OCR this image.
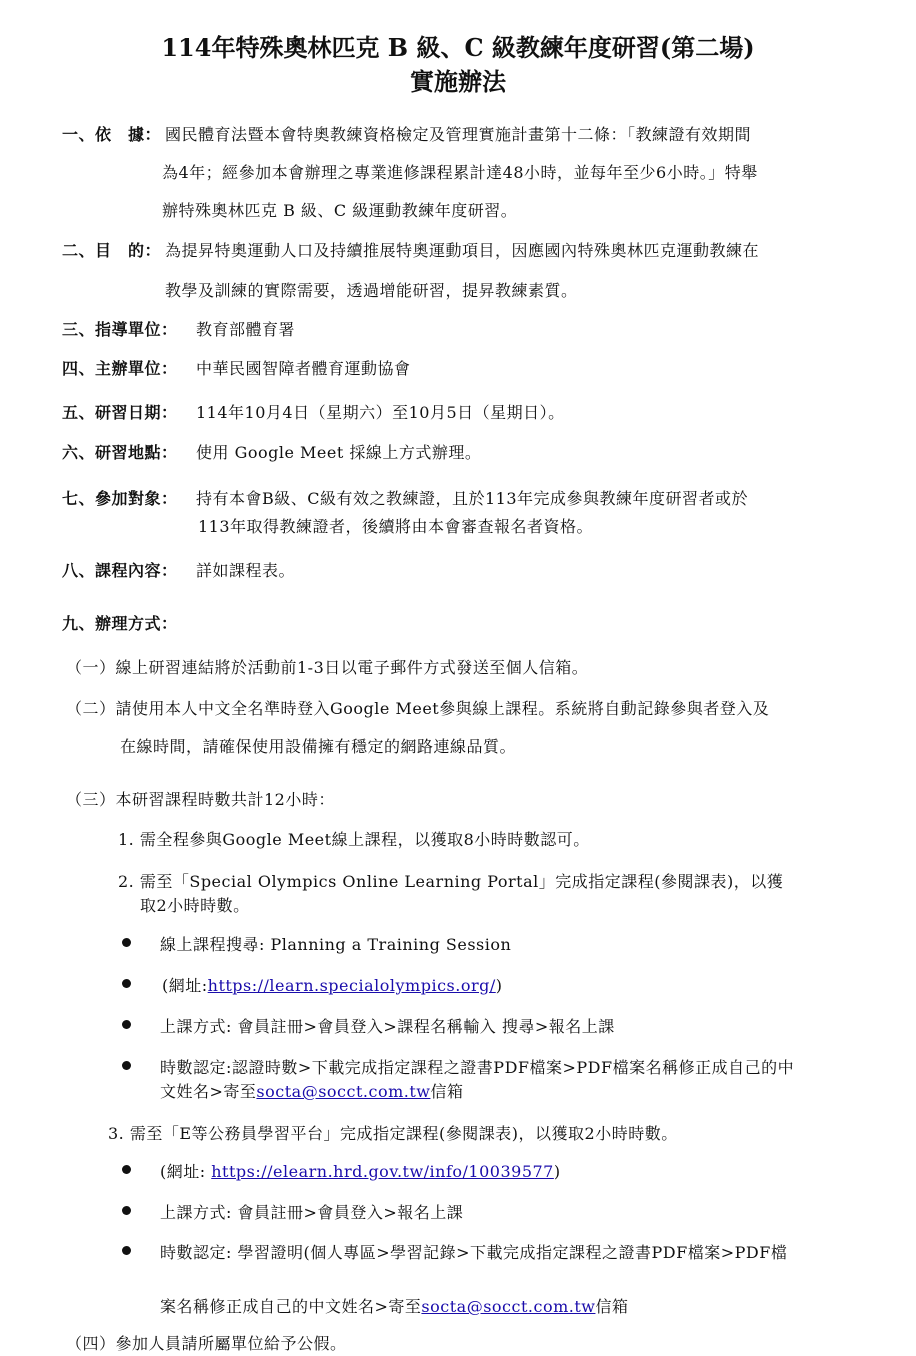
114年特殊奧林匹克 B 級、C 級教練年度研習(第二場)
實施辦法
一、依　據： 國民體育法暨本會特奧教練資格檢定及管理實施計畫第十二條：「教練證有效期間
為4年；經參加本會辦理之專業進修課程累計達48小時，並每年至少6小時。」特舉
辦特殊奧林匹克 B 級、C 級運動教練年度研習。
二、目　的： 為提昇特奧運動人口及持續推展特奧運動項目，因應國內特殊奧林匹克運動教練在
教學及訓練的實際需要，透過增能研習，提昇教練素質。
三、指導單位： 教育部體育署
四、主辦單位： 中華民國智障者體育運動協會
五、研習日期： 114年10月4日（星期六）至10月5日（星期日）。
六、研習地點： 使用 Google Meet 採線上方式辦理。
七、參加對象： 持有本會B級、C級有效之教練證，且於113年完成參與教練年度研習者或於
113年取得教練證者，後續將由本會審查報名者資格。
八、課程內容： 詳如課程表。
九、辦理方式：
（一）線上研習連結將於活動前1-3日以電子郵件方式發送至個人信箱。
（二）請使用本人中文全名準時登入Google Meet參與線上課程。系統將自動記錄參與者登入及
在線時間，請確保使用設備擁有穩定的網路連線品質。
（三）本研習課程時數共計12小時：
1. 需全程參與Google Meet線上課程，以獲取8小時時數認可。
2. 需至「Special Olympics Online Learning Portal」完成指定課程(參閱課表)，以獲
取2小時時數。
線上課程搜尋: Planning a Training Session
(網址:https://learn.specialolympics.org/)
上課方式: 會員註冊>會員登入>課程名稱輸入 搜尋>報名上課
時數認定:認證時數>下載完成指定課程之證書PDF檔案>PDF檔案名稱修正成自己的中
文姓名>寄至socta@socct.com.tw信箱
3. 需至「E等公務員學習平台」完成指定課程(參閱課表)，以獲取2小時時數。
(網址: https://elearn.hrd.gov.tw/info/10039577)
上課方式: 會員註冊>會員登入>報名上課
時數認定: 學習證明(個人專區>學習記錄>下載完成指定課程之證書PDF檔案>PDF檔
案名稱修正成自己的中文姓名>寄至socta@socct.com.tw信箱
（四）參加人員請所屬單位給予公假。
